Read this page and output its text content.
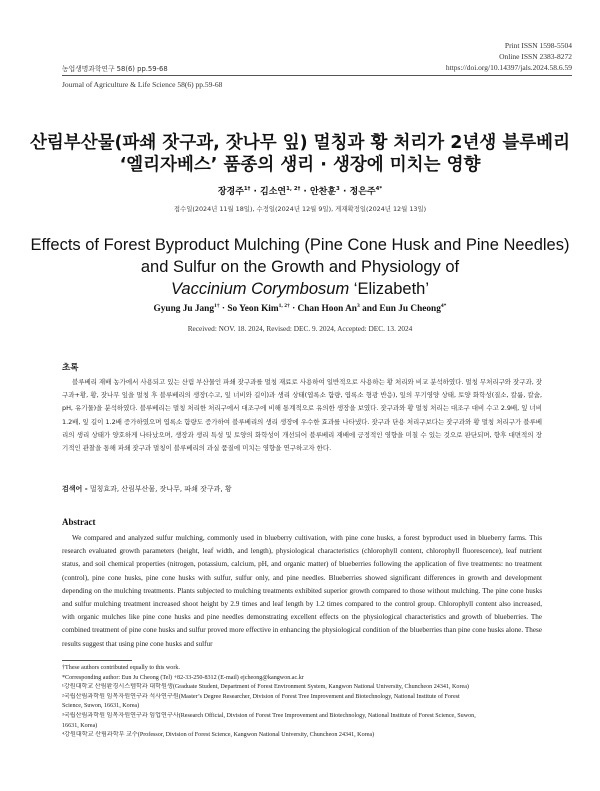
Print ISSN 1598-5504
Online ISSN 2383-8272
https://doi.org/10.14397/jals.2024.58.6.59
농업생명과학연구 58(6) pp.59-68
Journal of Agriculture & Life Science 58(6) pp.59-68
산림부산물(파쇄 잣구과, 잣나무 잎) 멀칭과 황 처리가 2년생 블루베리
‘엘리자베스’ 품종의 생리 · 생장에 미치는 영향
장경주$^{1\dagger}$ · 김소연$^{1, 2\dagger}$ · 안찬훈$^3$ · 정은주$^{4*}$
접수일(2024년 11월 18일), 수정일(2024년 12월 9일), 게재확정일(2024년 12월 13일)
Effects of Forest Byproduct Mulching (Pine Cone Husk and Pine Needles)
and Sulfur on the Growth and Physiology of
Vaccinium Corymbosum ‘Elizabeth’
Gyung Ju Jang$^{1\dagger}$ · So Yeon Kim$^{1, 2\dagger}$ · Chan Hoon An$^3$ and Eun Ju Cheong$^{4*}$
Received: NOV. 18. 2024, Revised: DEC. 9. 2024, Accepted: DEC. 13. 2024
초록

블루베리 재배 농가에서 사용되고 있는 산림 부산물인 파쇄 잣구과를 멀칭 재료로 사용하여 일반적으로 사용하는 황 처리와 비교 분석하였다. 멀칭 무처리구와 잣구과, 잣구과+황, 황, 잣나무 잎을 멀칭 후 블루베리의 생장(수고, 잎 너비와 길이)과 생리 상태(엽록소 함량, 엽록소 형광 반응), 잎의 무기영양 상태, 토양 화학성(질소, 칼륨, 칼슘, pH, 유기물)을 분석하였다. 블루베리는 멀칭 처리한 처리구에서 대조구에 비해 통계적으로 유의한 생장을 보였다. 잣구과와 황 멀칭 처리는 대조구 대비 수고 2.9배, 잎 너비 1.2배, 잎 길이 1.2배 증가하였으며 엽록소 함량도 증가하여 블루베리의 생리 생장에 우수한 효과를 나타냈다. 잣구과 단용 처리구보다는 잣구과와 황 멀칭 처리구가 블루베리의 생리 상태가 양호하게 나타났으며, 생장과 생리 특성 및 토양의 화학성이 개선되어 블루베리 재배에 긍정적인 영향을 미칠 수 있는 것으로 판단되며, 향후 대면적의 장기적인 관찰을 통해 파쇄 잣구과 멀칭이 블루베리의 과실 품질에 미치는 영향을 연구하고자 한다.

검색어 - 멀칭효과, 산림부산물, 잣나무, 파쇄 잣구과, 황
Abstract

We compared and analyzed sulfur mulching, commonly used in blueberry cultivation, with pine cone husks, a forest byproduct used in blueberry farms. This research evaluated growth parameters (height, leaf width, and length), physiological characteristics (chlorophyll content, chlorophyll fluorescence), leaf nutrient status, and soil chemical properties (nitrogen, potassium, calcium, pH, and organic matter) of blueberries following the application of five treatments: no treatment (control), pine cone husks, pine cone husks with sulfur, sulfur only, and pine needles. Blueberries showed significant differences in growth and development depending on the mulching treatments. Plants subjected to mulching treatments exhibited superior growth compared to those without mulching. The pine cone husks and sulfur mulching treatment increased shoot height by 2.9 times and leaf length by 1.2 times compared to the control group. Chlorophyll content also increased, with organic mulches like pine cone husks and pine needles demonstrating excellent effects on the physiological characteristics and growth of blueberries. The combined treatment of pine cone husks and sulfur proved more effective in enhancing the physiological condition of the blueberries than pine cone husks alone. These results suggest that using pine cone husks and sulfur

†These authors contributed equally to this work.
*Corresponding author: Eun Ju Cheong (Tel) +82-33-250-8312 (E-mail) ejcheong@kangwon.ac.kr
¹강원대학교 산림환경시스템학과 대학원생(Graduate Student, Department of Forest Environment System, Kangwon National University, Chuncheon 24341, Korea)
²국립산림과학원 임목자원연구과 석사연구원(Master’s Degree Researcher, Division of Forest Tree Improvement and Biotechnology, National Institute of Forest
Science, Suwon, 16631, Korea)
³국립산림과학원 임목자원연구과 임업연구사(Research Official, Division of Forest Tree Improvement and Biotechnology, National Institute of Forest Science, Suwon,
16631, Korea)
⁴강원대학교 산림과학부 교수(Professor, Division of Forest Science, Kangwon National University, Chuncheon 24341, Korea)
